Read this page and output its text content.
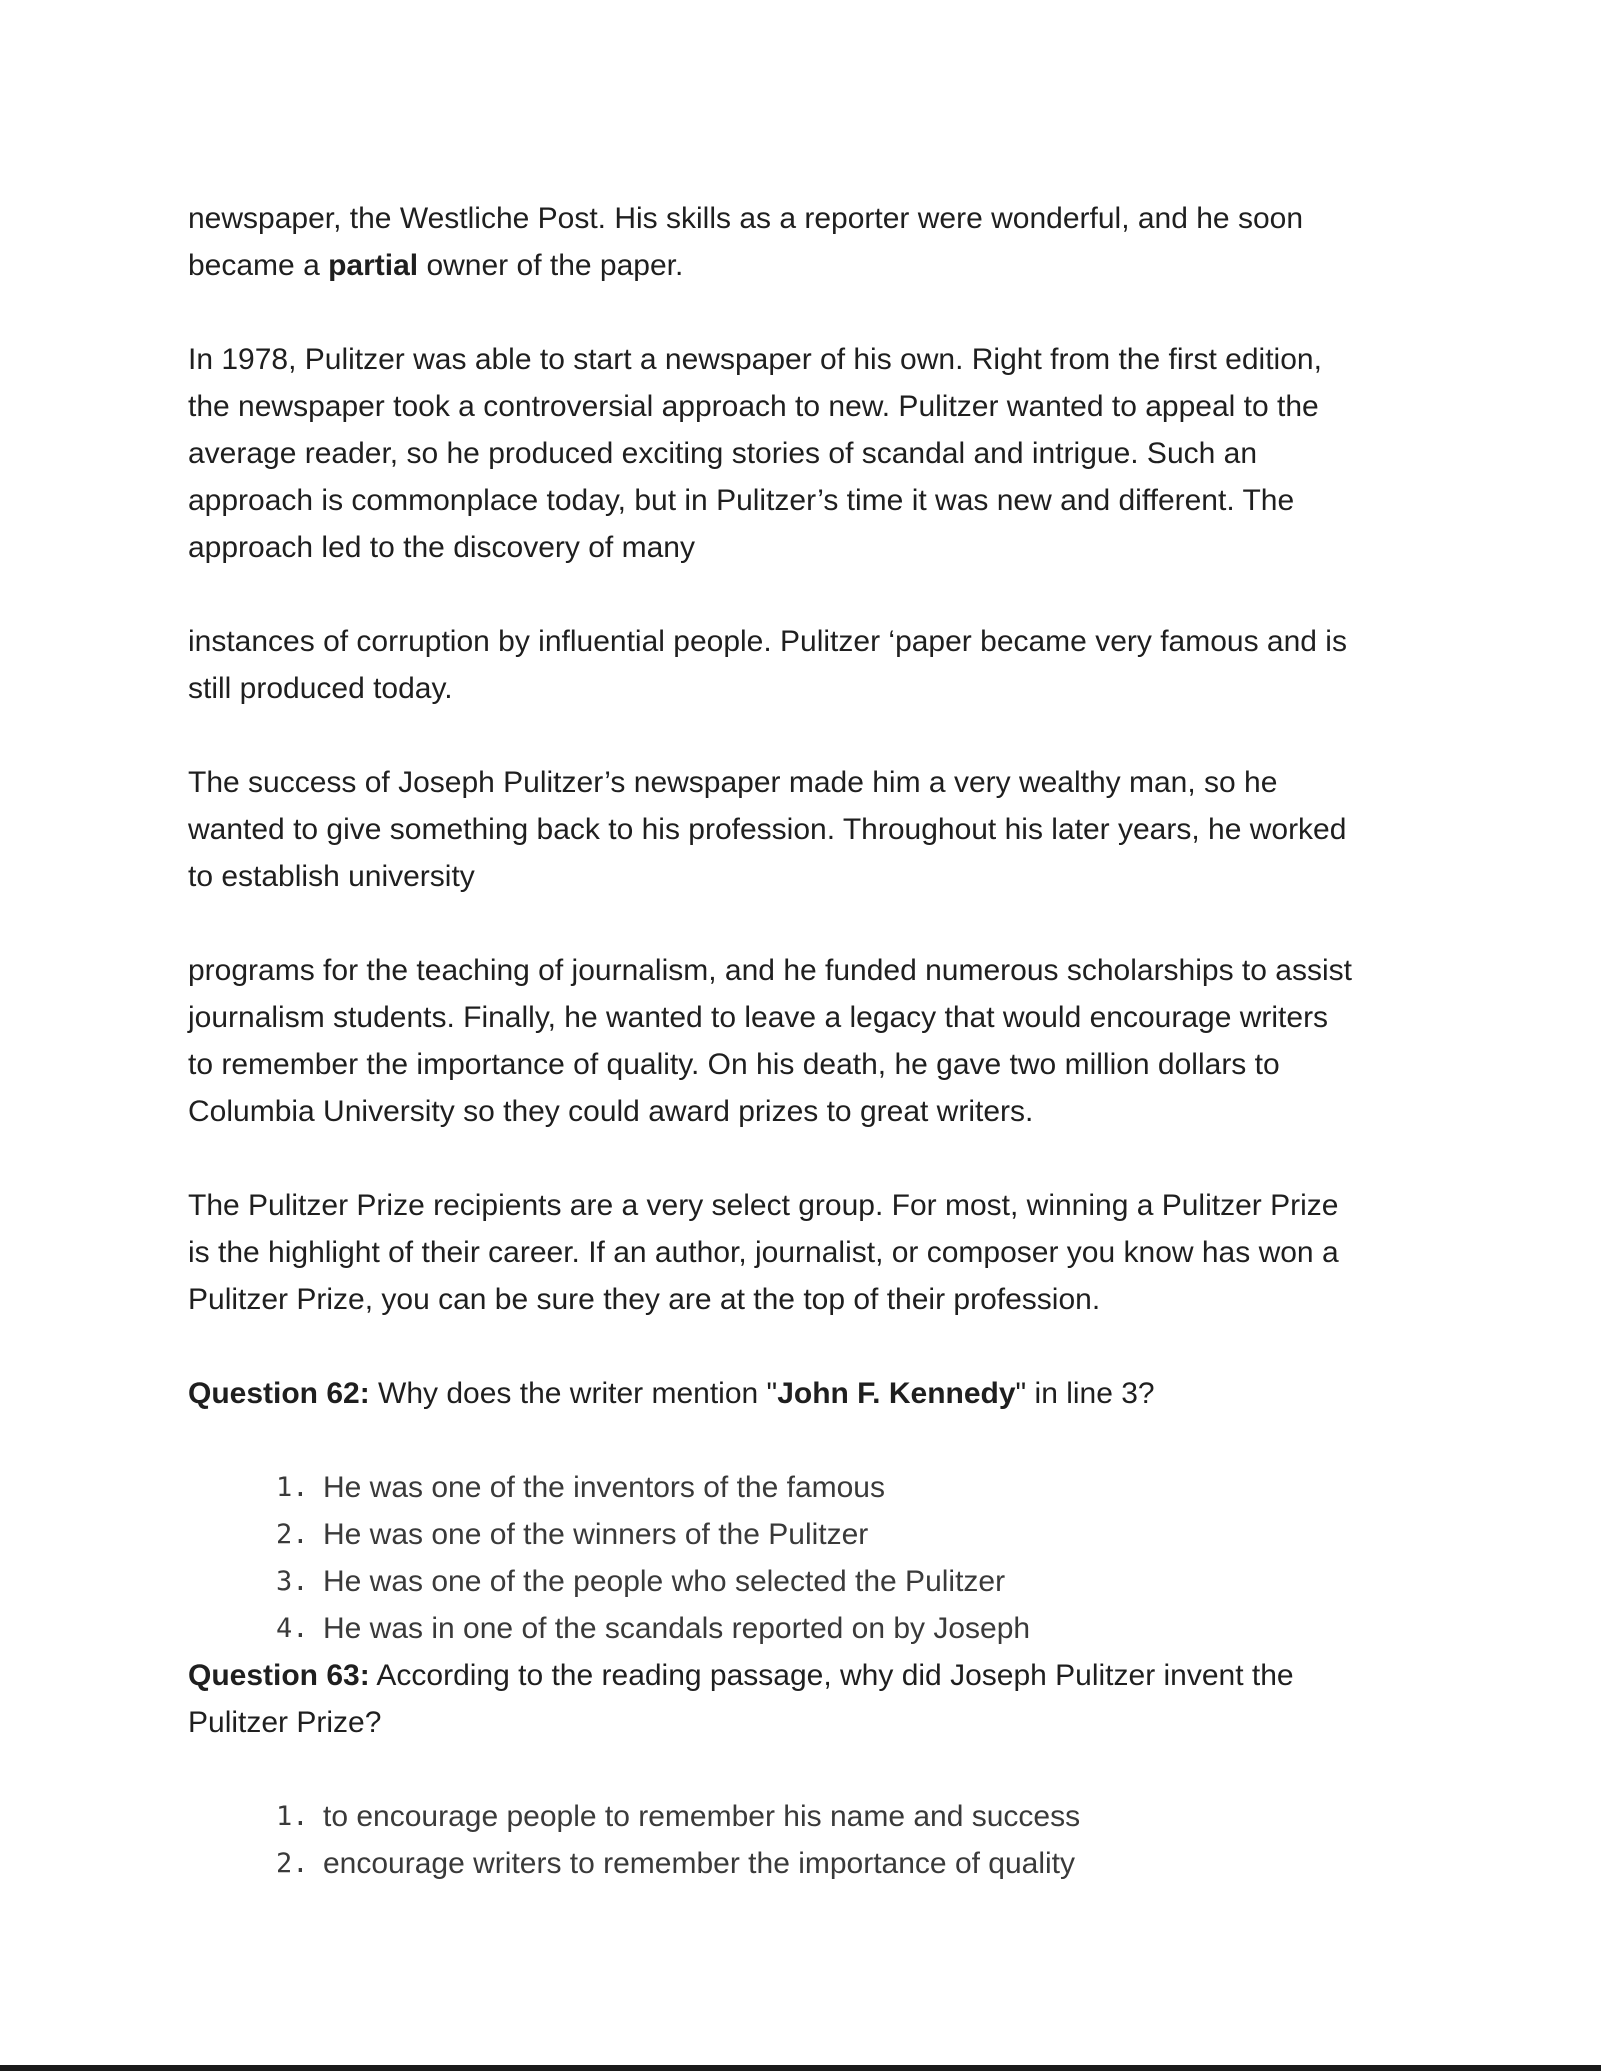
newspaper, the Westliche Post. His skills as a reporter were wonderful, and he soon
became a partial owner of the paper.
In 1978, Pulitzer was able to start a newspaper of his own. Right from the first edition,
the newspaper took a controversial approach to new. Pulitzer wanted to appeal to the
average reader, so he produced exciting stories of scandal and intrigue. Such an
approach is commonplace today, but in Pulitzer’s time it was new and different. The
approach led to the discovery of many
instances of corruption by influential people. Pulitzer ‘paper became very famous and is
still produced today.
The success of Joseph Pulitzer’s newspaper made him a very wealthy man, so he
wanted to give something back to his profession. Throughout his later years, he worked
to establish university
programs for the teaching of journalism, and he funded numerous scholarships to assist
journalism students. Finally, he wanted to leave a legacy that would encourage writers
to remember the importance of quality. On his death, he gave two million dollars to
Columbia University so they could award prizes to great writers.
The Pulitzer Prize recipients are a very select group. For most, winning a Pulitzer Prize
is the highlight of their career. If an author, journalist, or composer you know has won a
Pulitzer Prize, you can be sure they are at the top of their profession.
Question 62: Why does the writer mention "John F. Kennedy" in line 3?
1. He was one of the inventors of the famous
2. He was one of the winners of the Pulitzer
3. He was one of the people who selected the Pulitzer
4. He was in one of the scandals reported on by Joseph
Question 63: According to the reading passage, why did Joseph Pulitzer invent the
Pulitzer Prize?
1. to encourage people to remember his name and success
2. encourage writers to remember the importance of quality
